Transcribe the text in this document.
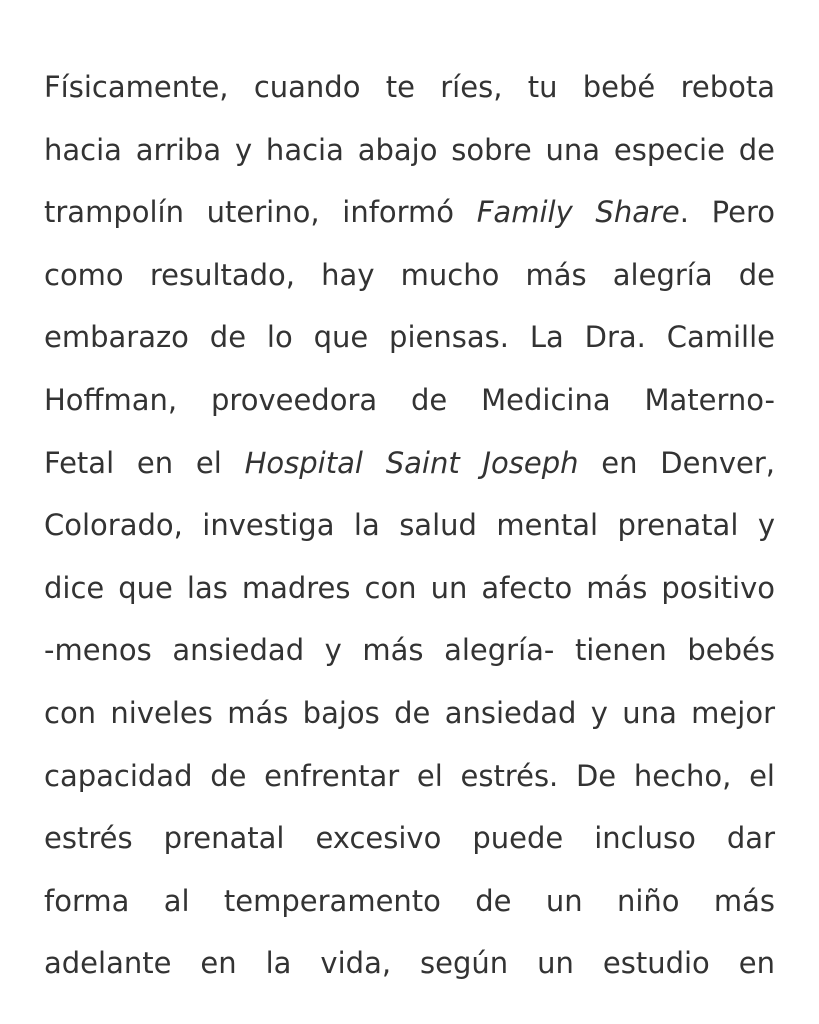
Físicamente, cuando te ríes, tu bebé rebota
hacia arriba y hacia abajo sobre una especie de
trampolín uterino, informó Family Share. Pero
como resultado, hay mucho más alegría de
embarazo de lo que piensas. La Dra. Camille
Hoffman, proveedora de Medicina Materno-
Fetal en el Hospital Saint Joseph en Denver,
Colorado, investiga la salud mental prenatal y
dice que las madres con un afecto más positivo
-menos ansiedad y más alegría- tienen bebés
con niveles más bajos de ansiedad y una mejor
capacidad de enfrentar el estrés. De hecho, el
estrés prenatal excesivo puede incluso dar
forma al temperamento de un niño más
adelante en la vida, según un estudio en
